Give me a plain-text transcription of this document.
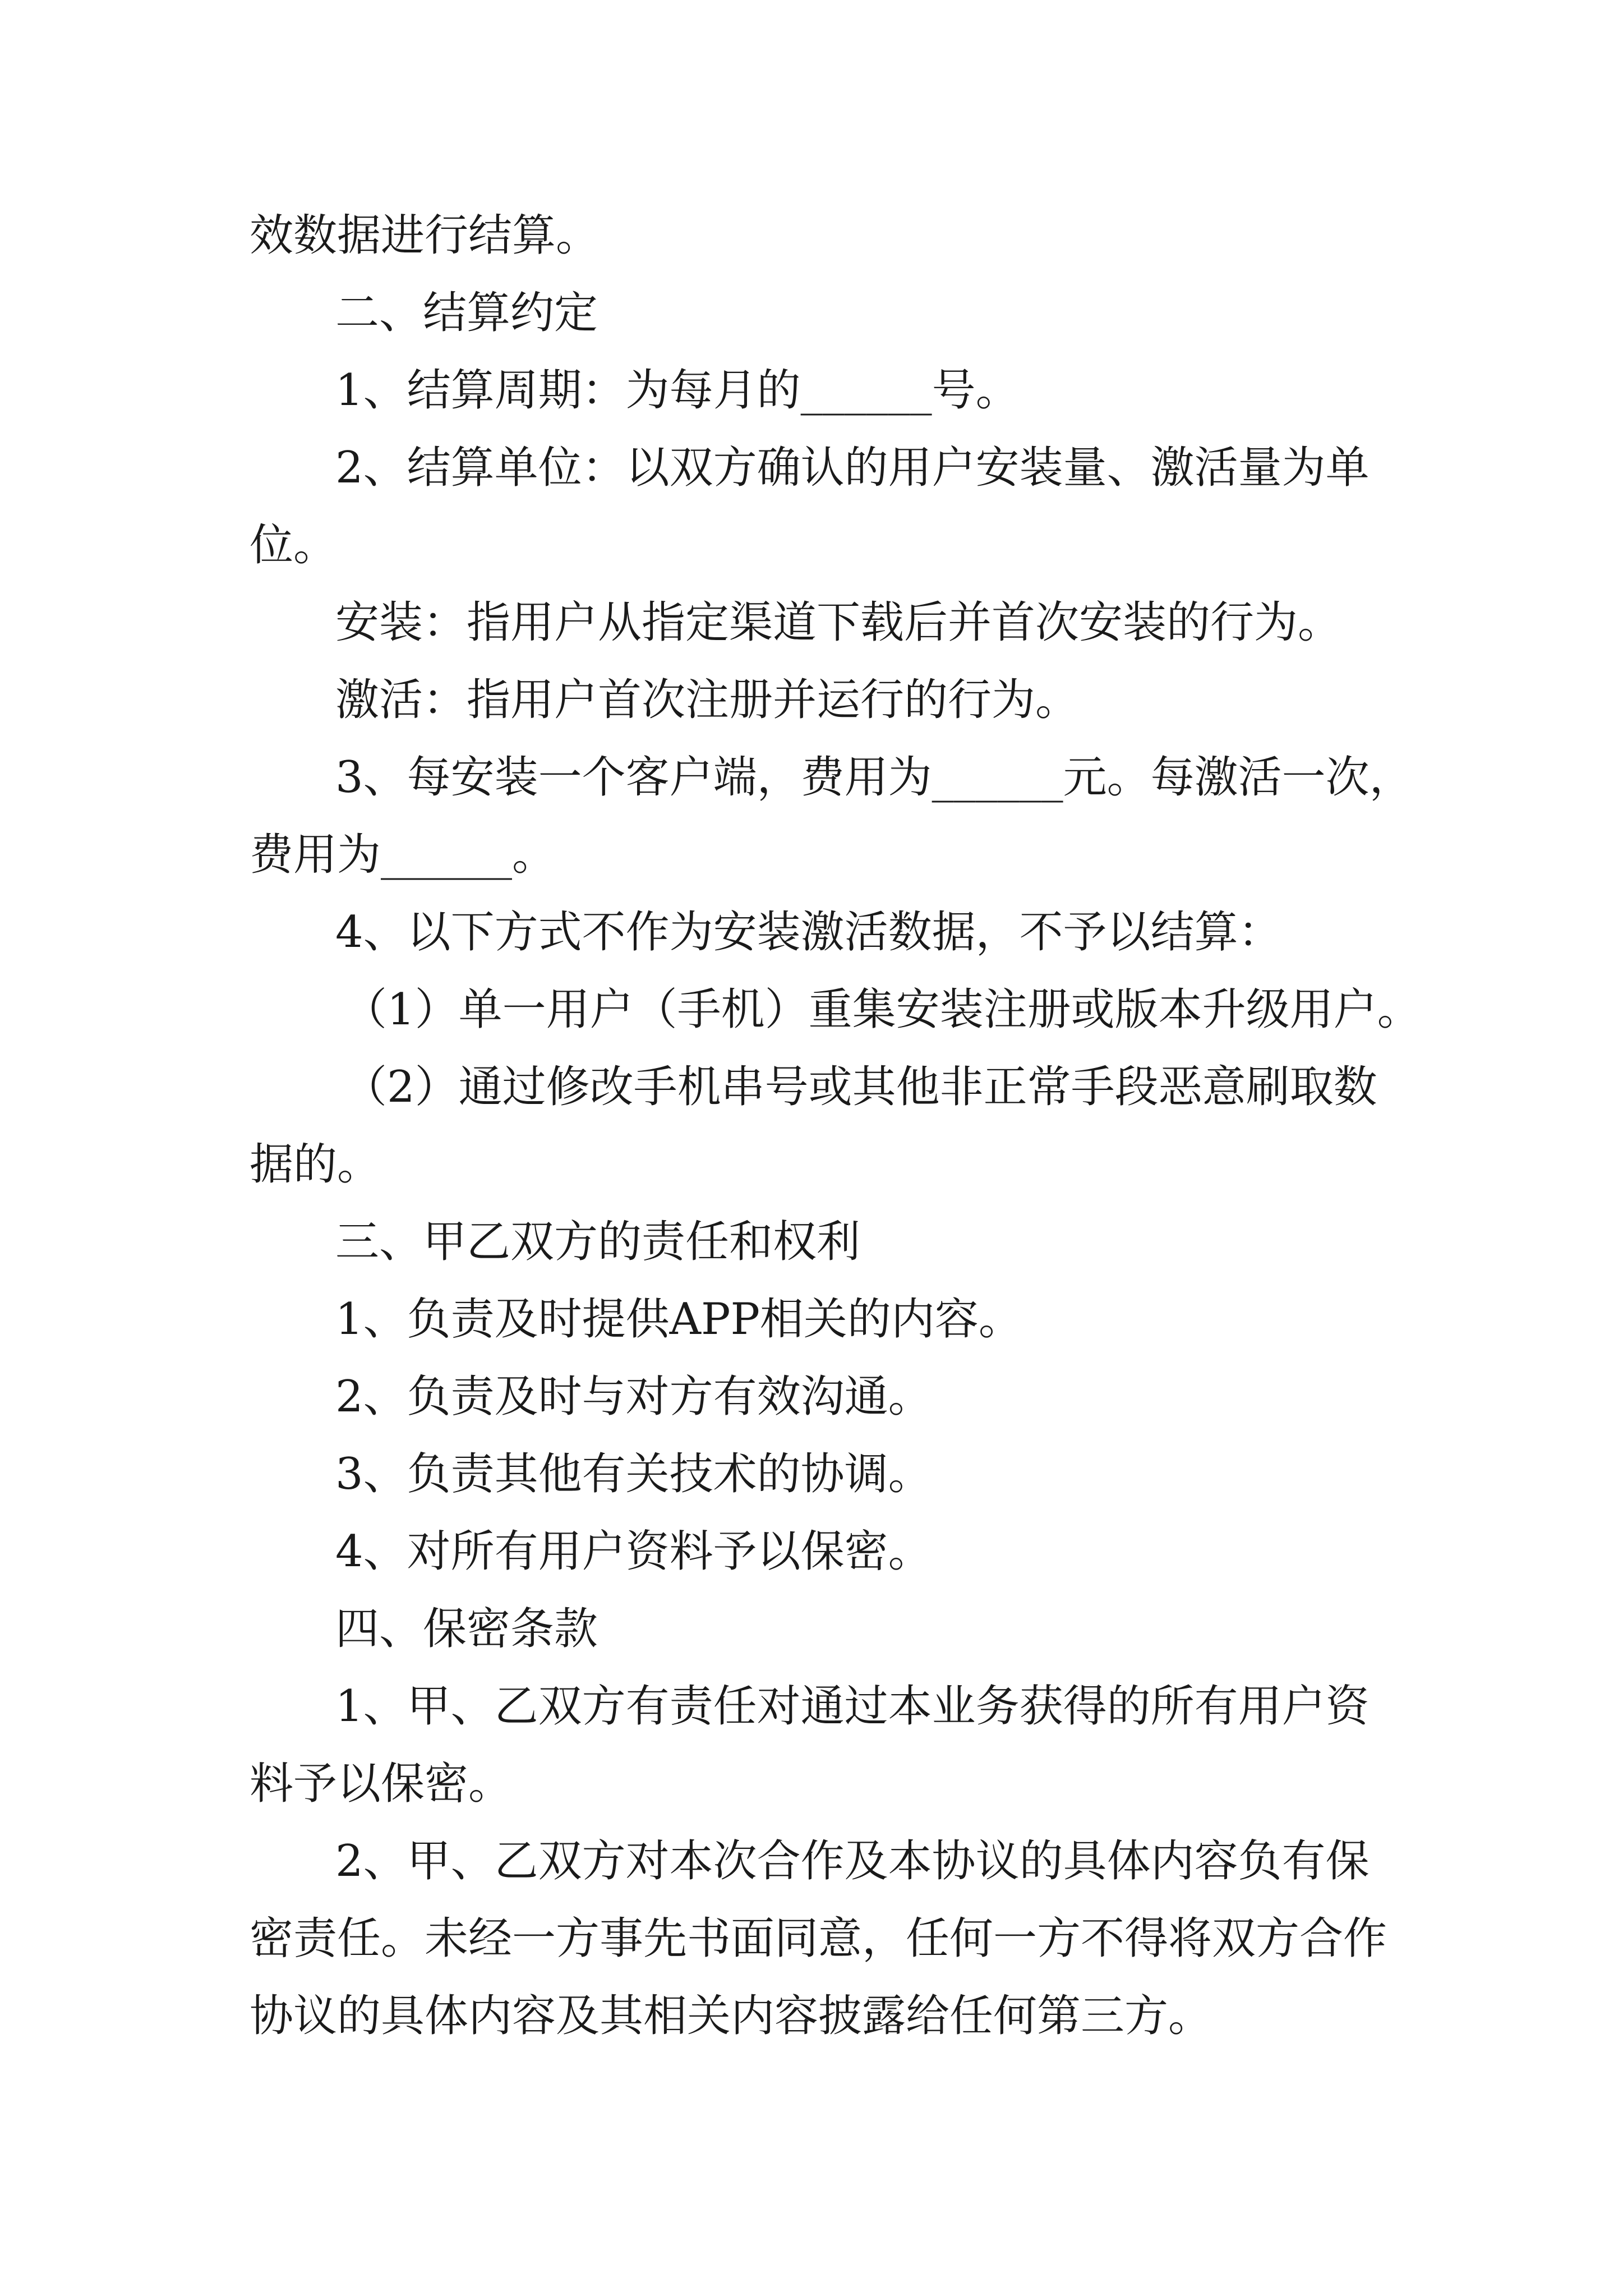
效数据进行结算。

二、结算约定

1、结算周期：为每月的______号。

2、结算单位：以双方确认的用户安装量、激活量为单

位。

安装：指用户从指定渠道下载后并首次安装的行为。

激活：指用户首次注册并运行的行为。

3、每安装一个客户端，费用为______元。每激活一次，

费用为______。

4、以下方式不作为安装激活数据，不予以结算：

（1）单一用户（手机）重集安装注册或版本升级用户。

（2）通过修改手机串号或其他非正常手段恶意刷取数

据的。

三、甲乙双方的责任和权利

1、负责及时提供APP相关的内容。

2、负责及时与对方有效沟通。

3、负责其他有关技术的协调。

4、对所有用户资料予以保密。

四、保密条款

1、甲、乙双方有责任对通过本业务获得的所有用户资

料予以保密。

2、甲、乙双方对本次合作及本协议的具体内容负有保

密责任。未经一方事先书面同意，任何一方不得将双方合作

协议的具体内容及其相关内容披露给任何第三方。
